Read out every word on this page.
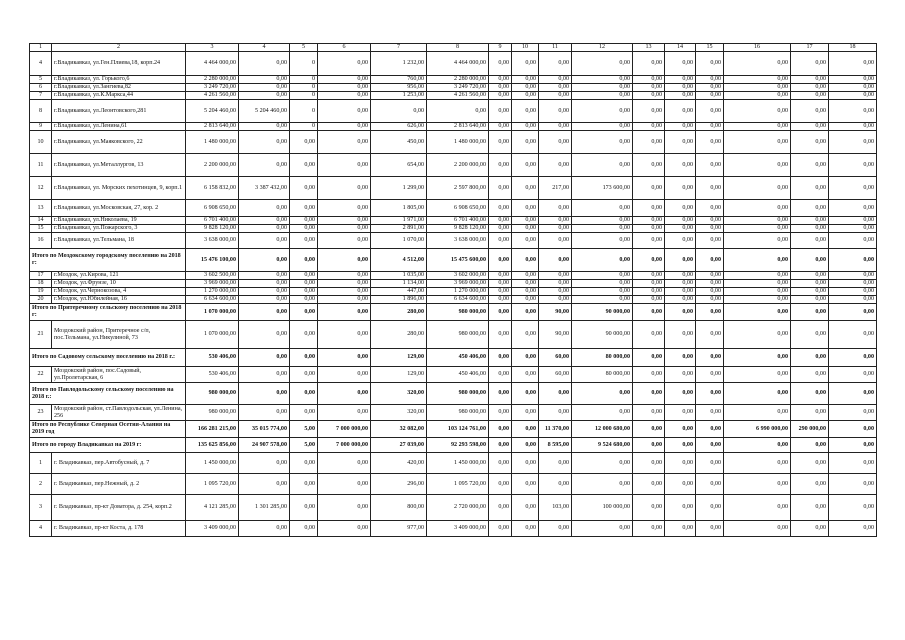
1	2	3	4	5	6	7	8	9	10	11	12	13	14	15	16	17	18
4	г.Владикавказ, ул.Ген.Плиева,18, корп.24	4 464 000,00	0,00	0	0,00	1 232,00	4 464 000,00	0,00	0,00	0,00	0,00	0,00	0,00	0,00	0,00	0,00	0,00
5	г.Владикавказ, ул. Горького,6	2 280 000,00	0,00	0	0,00	760,00	2 280 000,00	0,00	0,00	0,00	0,00	0,00	0,00	0,00	0,00	0,00	0,00
6	г.Владикавказ, ул.Зангиева,82	3 249 720,00	0,00	0	0,00	956,00	3 249 720,00	0,00	0,00	0,00	0,00	0,00	0,00	0,00	0,00	0,00	0,00
7	г.Владикавказ, ул.К.Маркса,44	4 261 560,00	0,00	0	0,00	1 253,00	4 261 560,00	0,00	0,00	0,00	0,00	0,00	0,00	0,00	0,00	0,00	0,00
8	г.Владикавказ, ул.Леонтовского,281	5 204 460,00	5 204 460,00	0	0,00	0,00	0,00	0,00	0,00	0,00	0,00	0,00	0,00	0,00	0,00	0,00	0,00
9	г.Владикавказ, ул.Ленина,61	2 813 640,00	0,00	0	0,00	626,00	2 813 640,00	0,00	0,00	0,00	0,00	0,00	0,00	0,00	0,00	0,00	0,00
10	г.Владикавказ, ул.Маяковского, 22	1 480 000,00	0,00	0,00	0,00	450,00	1 480 000,00	0,00	0,00	0,00	0,00	0,00	0,00	0,00	0,00	0,00	0,00
11	г.Владикавказ, ул.Металлургов, 13	2 200 000,00	0,00	0,00	0,00	654,00	2 200 000,00	0,00	0,00	0,00	0,00	0,00	0,00	0,00	0,00	0,00	0,00
12	г.Владикавказ, ул. Морских пехотинцев, 9, корп.1	6 158 832,00	3 387 432,00	0,00	0,00	1 299,00	2 597 800,00	0,00	0,00	217,00	173 600,00	0,00	0,00	0,00	0,00	0,00	0,00
13	г.Владикавказ, ул.Московская, 27, кор. 2	6 908 650,00	0,00	0,00	0,00	1 805,00	6 908 650,00	0,00	0,00	0,00	0,00	0,00	0,00	0,00	0,00	0,00	0,00
14	г.Владикавказ, ул.Николаева, 19	6 701 400,00	0,00	0,00	0,00	1 971,00	6 701 400,00	0,00	0,00	0,00	0,00	0,00	0,00	0,00	0,00	0,00	0,00
15	г.Владикавказ, ул.Пожарского, 3	9 828 120,00	0,00	0,00	0,00	2 891,00	9 828 120,00	0,00	0,00	0,00	0,00	0,00	0,00	0,00	0,00	0,00	0,00
16	г.Владикавказ, ул.Тельмана, 18	3 638 000,00	0,00	0,00	0,00	1 070,00	3 638 000,00	0,00	0,00	0,00	0,00	0,00	0,00	0,00	0,00	0,00	0,00
Итого по Моздокскому городскому поселению на 2018 г:		15 476 100,00	0,00	0,00	0,00	4 512,00	15 475 600,00	0,00	0,00	0,00	0,00	0,00	0,00	0,00	0,00	0,00	0,00
17	г.Моздок, ул.Кирова, 121	3 602 500,00	0,00	0,00	0,00	1 035,00	3 602 000,00	0,00	0,00	0,00	0,00	0,00	0,00	0,00	0,00	0,00	0,00
18	г.Моздок, ул.Фрунзе, 10	3 969 000,00	0,00	0,00	0,00	1 134,00	3 969 000,00	0,00	0,00	0,00	0,00	0,00	0,00	0,00	0,00	0,00	0,00
19	г.Моздок, ул.Чернокозова, 4	1 270 000,00	0,00	0,00	0,00	447,00	1 270 000,00	0,00	0,00	0,00	0,00	0,00	0,00	0,00	0,00	0,00	0,00
20	г.Моздок, ул.Юбилейная, 16	6 634 600,00	0,00	0,00	0,00	1 896,00	6 634 600,00	0,00	0,00	0,00	0,00	0,00	0,00	0,00	0,00	0,00	0,00
Итого по Притеречному сельскому поселению на 2018 г:		1 070 000,00	0,00	0,00	0,00	280,00	980 000,00	0,00	0,00	90,00	90 000,00	0,00	0,00	0,00	0,00	0,00	0,00
21	Моздокский район, Притеречное с/п, пос.Тельмана, ул.Никулиной, 73	1 070 000,00	0,00	0,00	0,00	280,00	980 000,00	0,00	0,00	90,00	90 000,00	0,00	0,00	0,00	0,00	0,00	0,00
Итого по Садовому сельскому поселению на 2018 г.:		530 406,00	0,00	0,00	0,00	129,00	450 406,00	0,00	0,00	60,00	80 000,00	0,00	0,00	0,00	0,00	0,00	0,00
22	Моздокский район, пос.Садовый, ул.Пролетарская, 6	530 406,00	0,00	0,00	0,00	129,00	450 406,00	0,00	0,00	60,00	80 000,00	0,00	0,00	0,00	0,00	0,00	0,00
Итого по Павлодольскому сельскому поселению на 2018 г.:		980 000,00	0,00	0,00	0,00	320,00	980 000,00	0,00	0,00	0,00	0,00	0,00	0,00	0,00	0,00	0,00	0,00
23	Моздокский район, ст.Павлодольская, ул.Ленина, 256	980 000,00	0,00	0,00	0,00	320,00	980 000,00	0,00	0,00	0,00	0,00	0,00	0,00	0,00	0,00	0,00	0,00
Итого по Республике Северная Осетия-Алания на 2019 год		166 281 215,00	35 015 774,00	5,00	7 000 000,00	32 082,00	103 124 761,00	0,00	0,00	11 370,00	12 000 680,00	0,00	0,00	0,00	6 990 000,00	290 000,00	0,00
Итого по городу Владикавказ на 2019 г:		135 625 856,00	24 907 578,00	5,00	7 000 000,00	27 039,00	92 293 598,00	0,00	0,00	8 595,00	9 524 680,00	0,00	0,00	0,00	0,00	0,00	0,00
1	г. Владикавказ, пер.Автобусный, д. 7	1 450 000,00	0,00	0,00	0,00	420,00	1 450 000,00	0,00	0,00	0,00	0,00	0,00	0,00	0,00	0,00	0,00	0,00
2	г. Владикавказ, пер.Нежный, д. 2	1 095 720,00	0,00	0,00	0,00	296,00	1 095 720,00	0,00	0,00	0,00	0,00	0,00	0,00	0,00	0,00	0,00	0,00
3	г. Владикавказ, пр-кт Доватора, д. 254, корп.2	4 121 285,00	1 301 285,00	0,00	0,00	800,00	2 720 000,00	0,00	0,00	103,00	100 000,00	0,00	0,00	0,00	0,00	0,00	0,00
4	г. Владикавказ, пр-кт Коста, д. 178	3 409 000,00	0,00	0,00	0,00	977,00	3 409 000,00	0,00	0,00	0,00	0,00	0,00	0,00	0,00	0,00	0,00	0,00
